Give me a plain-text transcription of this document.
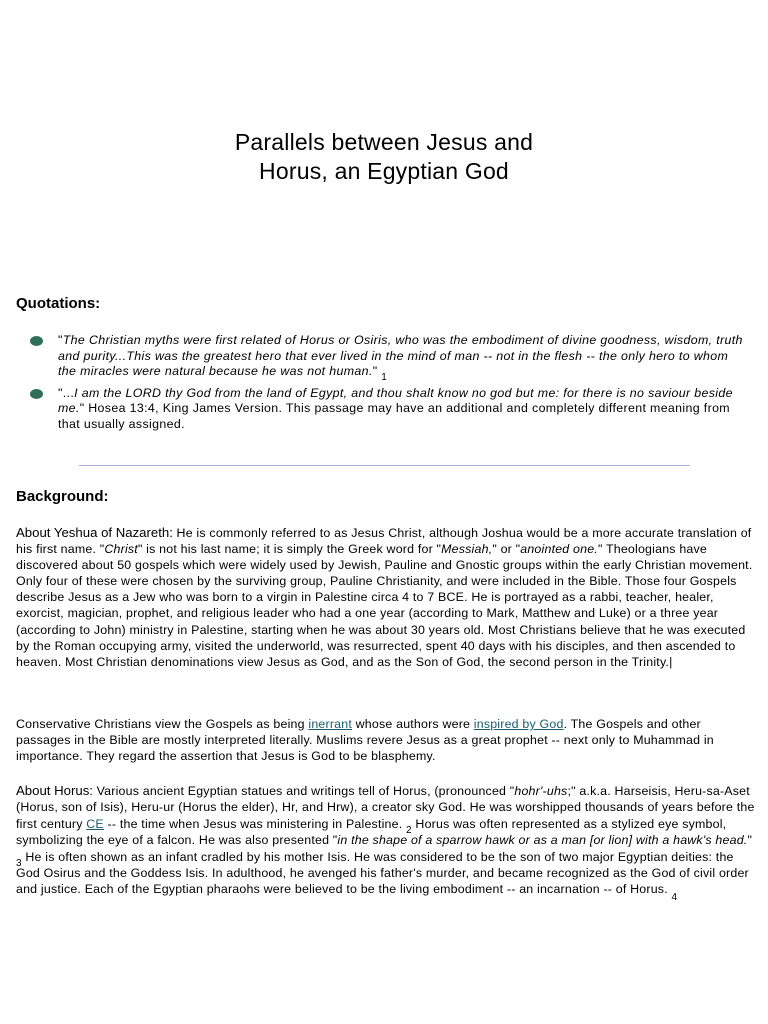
Parallels between Jesus and
Horus, an Egyptian God
Quotations:
"The Christian myths were first related of Horus or Osiris, who was the embodiment of divine goodness, wisdom, truth and purity...This was the greatest hero that ever lived in the mind of man -- not in the flesh -- the only hero to whom the miracles were natural because he was not human." $_1$
"...I am the LORD thy God from the land of Egypt, and thou shalt know no god but me: for there is no saviour beside me." Hosea 13:4, King James Version. This passage may have an additional and completely different meaning from that usually assigned.
Background:
About Yeshua of Nazareth: He is commonly referred to as Jesus Christ, although Joshua would be a more accurate translation of his first name. "Christ" is not his last name; it is simply the Greek word for "Messiah," or "anointed one." Theologians have discovered about 50 gospels which were widely used by Jewish, Pauline and Gnostic groups within the early Christian movement. Only four of these were chosen by the surviving group, Pauline Christianity, and were included in the Bible. Those four Gospels describe Jesus as a Jew who was born to a virgin in Palestine circa 4 to 7 BCE. He is portrayed as a rabbi, teacher, healer, exorcist, magician, prophet, and religious leader who had a one year (according to Mark, Matthew and Luke) or a three year (according to John) ministry in Palestine, starting when he was about 30 years old. Most Christians believe that he was executed by the Roman occupying army, visited the underworld, was resurrected, spent 40 days with his disciples, and then ascended to heaven. Most Christian denominations view Jesus as God, and as the Son of God, the second person in the Trinity.|
Conservative Christians view the Gospels as being inerrant whose authors were inspired by God. The Gospels and other passages in the Bible are mostly interpreted literally. Muslims revere Jesus as a great prophet -- next only to Muhammad in importance. They regard the assertion that Jesus is God to be blasphemy.
About Horus: Various ancient Egyptian statues and writings tell of Horus, (pronounced "hohr'-uhs;" a.k.a. Harseisis, Heru-sa-Aset (Horus, son of Isis), Heru-ur (Horus the elder), Hr, and Hrw), a creator sky God. He was worshipped thousands of years before the first century CE -- the time when Jesus was ministering in Palestine. $_2$ Horus was often represented as a stylized eye symbol, symbolizing the eye of a falcon. He was also presented "in the shape of a sparrow hawk or as a man [or lion] with a hawk's head." $_3$ He is often shown as an infant cradled by his mother Isis. He was considered to be the son of two major Egyptian deities: the God Osirus and the Goddess Isis. In adulthood, he avenged his father's murder, and became recognized as the God of civil order and justice. Each of the Egyptian pharaohs were believed to be the living embodiment -- an incarnation -- of Horus. $_4$
